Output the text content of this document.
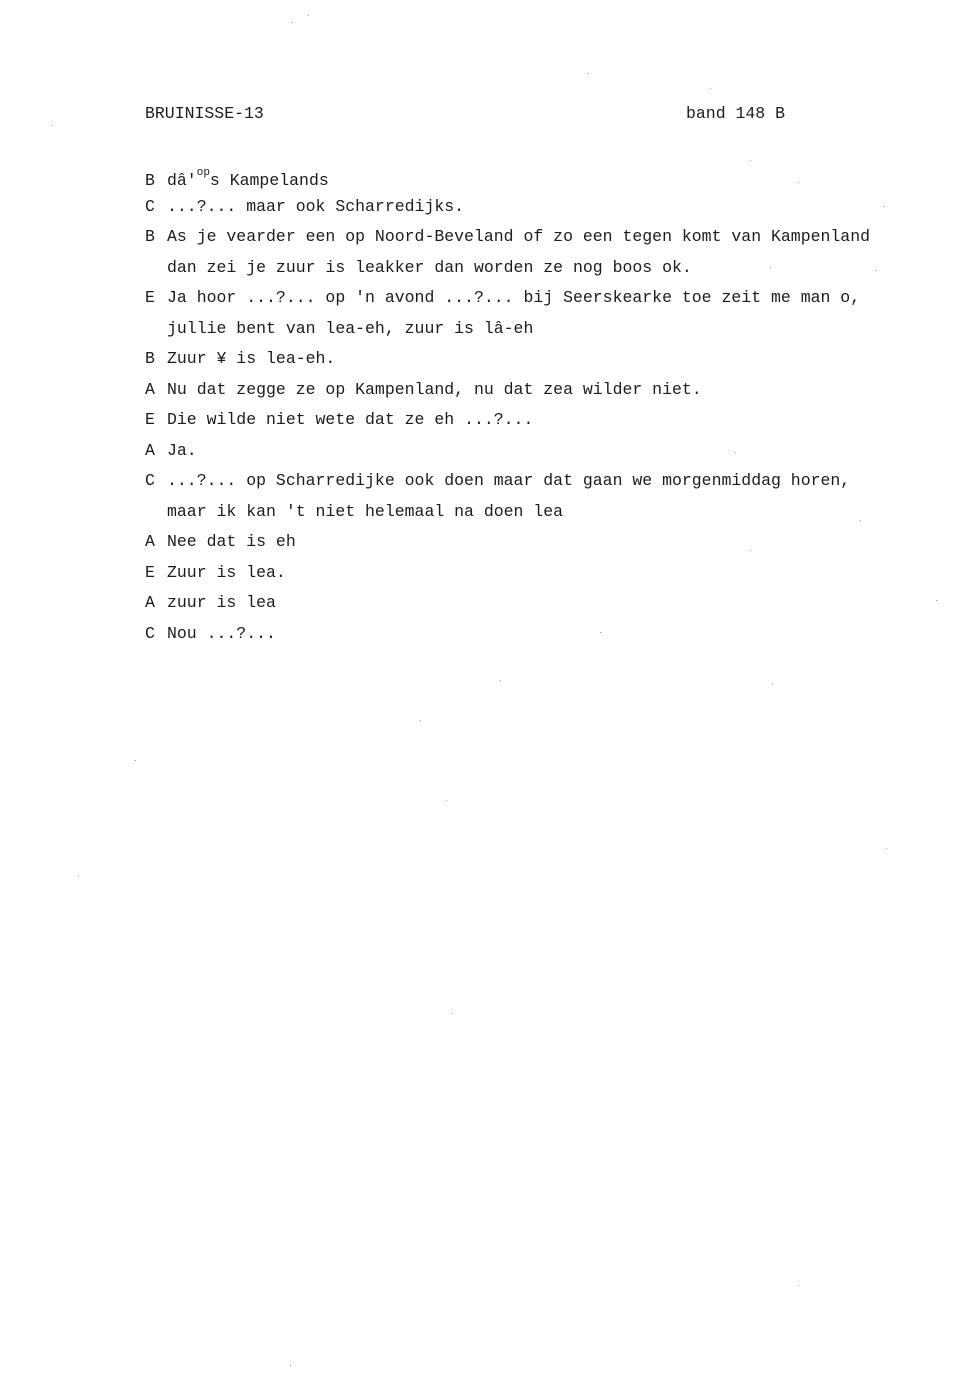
BRUINISSE-13	band 148 B
B $dâ'^{op}s$ Kampelands
C ...?... maar ook Scharredijks.
B As je vearder een op Noord-Beveland of zo een tegen komt van Kampenland
dan zei je zuur is leakker dan worden ze nog boos ok.
E Ja hoor ...?... op 'n avond ...?... bij Seerskearke toe zeit me man o,
jullie bent van lea-eh, zuur is lâ-eh
B Zuur ¥ is lea-eh.
A Nu dat zegge ze op Kampenland, nu dat zea wilder niet.
E Die wilde niet wete dat ze eh ...?...
A Ja.
C ...?... op Scharredijke ook doen maar dat gaan we morgenmiddag horen,
maar ik kan 't niet helemaal na doen lea
A Nee dat is eh
E Zuur is lea.
A zuur is lea
C Nou ...?...
